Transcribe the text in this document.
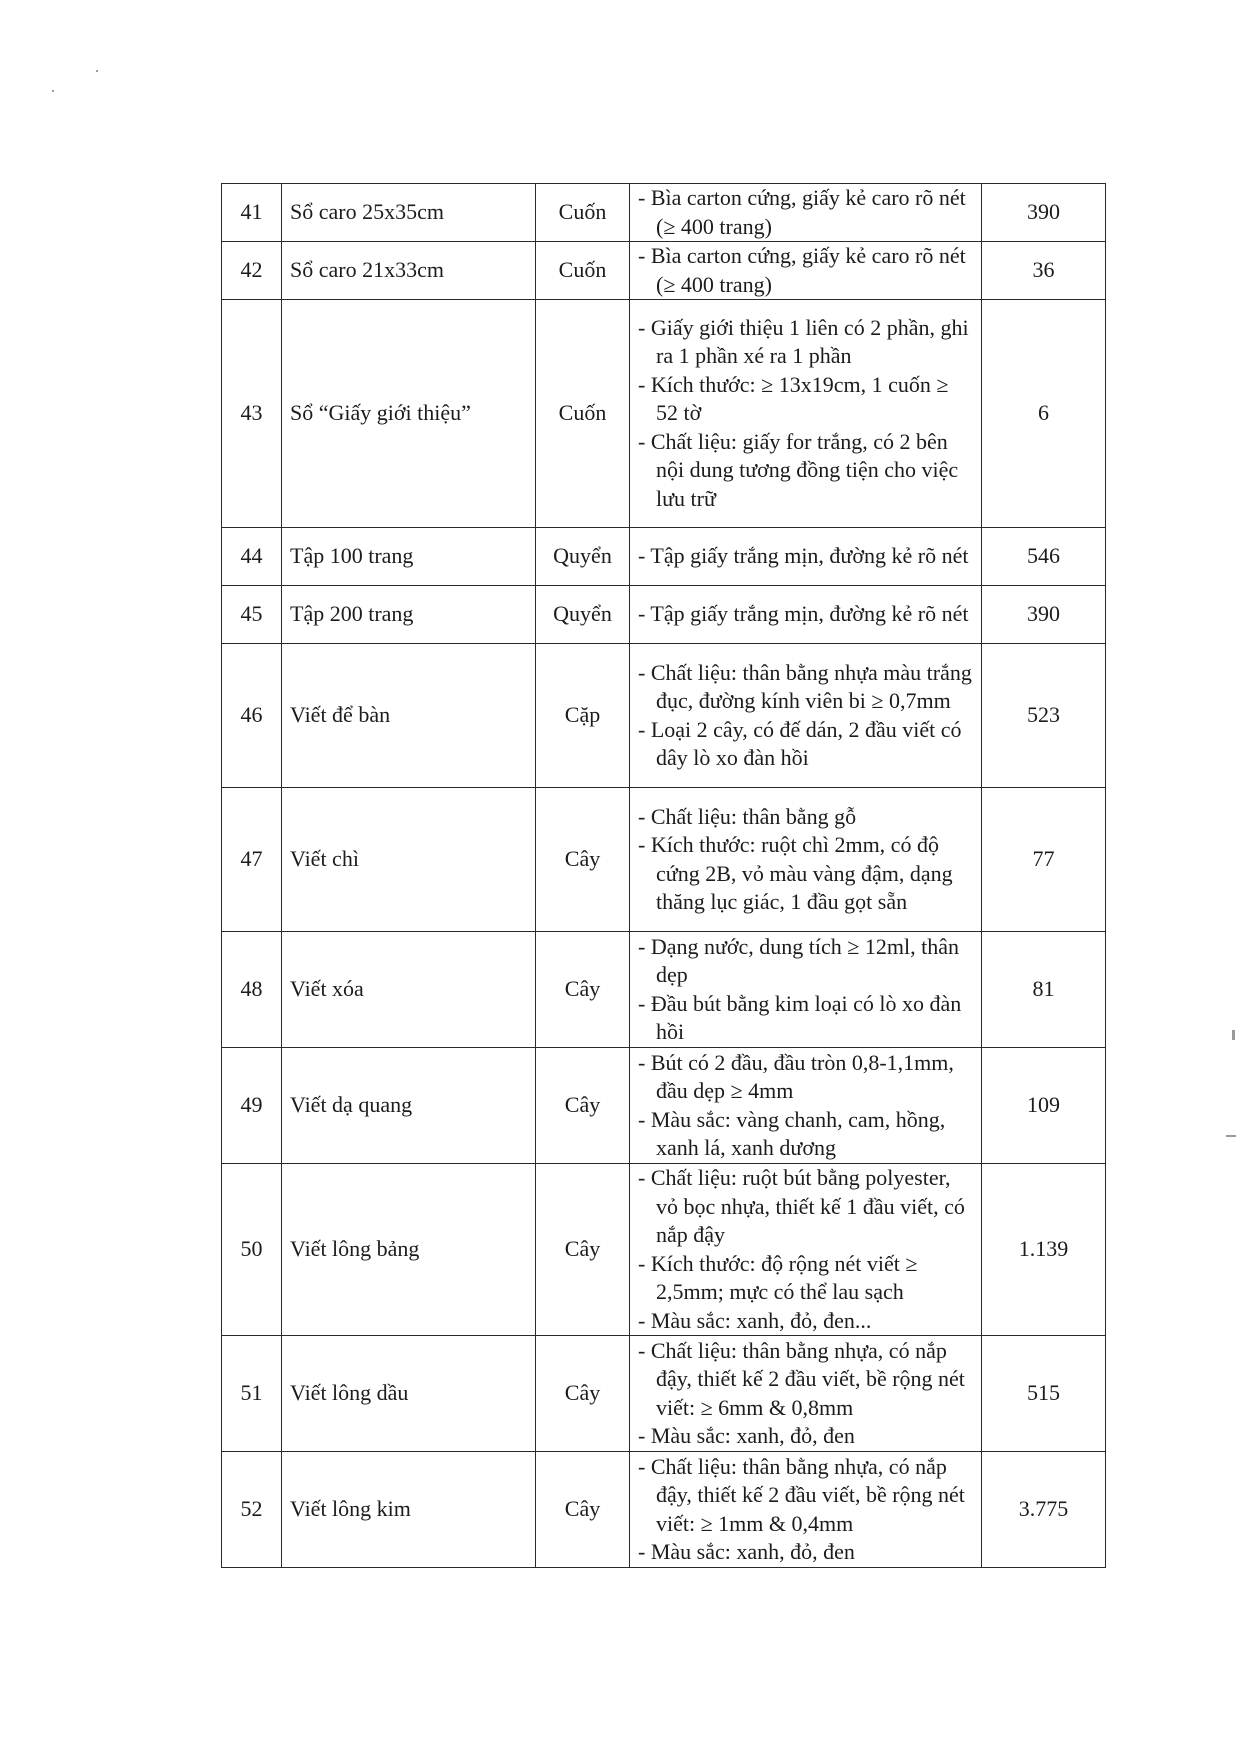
41	Sổ caro 25x35cm	Cuốn	- Bìa carton cứng, giấy kẻ caro rõ nét (≥ 400 trang)	390
42	Sổ caro 21x33cm	Cuốn	- Bìa carton cứng, giấy kẻ caro rõ nét (≥ 400 trang)	36
43	Sổ “Giấy giới thiệu”	Cuốn	- Giấy giới thiệu 1 liên có 2 phần, ghi ra 1 phần xé ra 1 phần
- Kích thước: ≥ 13x19cm, 1 cuốn ≥ 52 tờ
- Chất liệu: giấy for trắng, có 2 bên nội dung tương đồng tiện cho việc lưu trữ	6
44	Tập 100 trang	Quyển	- Tập giấy trắng mịn, đường kẻ rõ nét	546
45	Tập 200 trang	Quyển	- Tập giấy trắng mịn, đường kẻ rõ nét	390
46	Viết để bàn	Cặp	- Chất liệu: thân bằng nhựa màu trắng đục, đường kính viên bi ≥ 0,7mm
- Loại 2 cây, có đế dán, 2 đầu viết có dây lò xo đàn hồi	523
47	Viết chì	Cây	- Chất liệu: thân bằng gỗ
- Kích thước: ruột chì 2mm, có độ cứng 2B, vỏ màu vàng đậm, dạng thăng lục giác, 1 đầu gọt sẵn	77
48	Viết xóa	Cây	- Dạng nước, dung tích ≥ 12ml, thân dẹp
- Đầu bút bằng kim loại có lò xo đàn hồi	81
49	Viết dạ quang	Cây	- Bút có 2 đầu, đầu tròn 0,8-1,1mm, đầu dẹp ≥ 4mm
- Màu sắc: vàng chanh, cam, hồng, xanh lá, xanh dương	109
50	Viết lông bảng	Cây	- Chất liệu: ruột bút bằng polyester, vỏ bọc nhựa, thiết kế 1 đầu viết, có nắp đậy
- Kích thước: độ rộng nét viết ≥ 2,5mm; mực có thể lau sạch
- Màu sắc: xanh, đỏ, đen...	1.139
51	Viết lông dầu	Cây	- Chất liệu: thân bằng nhựa, có nắp đậy, thiết kế 2 đầu viết, bề rộng nét viết: ≥ 6mm & 0,8mm
- Màu sắc: xanh, đỏ, đen	515
52	Viết lông kim	Cây	- Chất liệu: thân bằng nhựa, có nắp đậy, thiết kế 2 đầu viết, bề rộng nét viết: ≥ 1mm & 0,4mm
- Màu sắc: xanh, đỏ, đen	3.775
